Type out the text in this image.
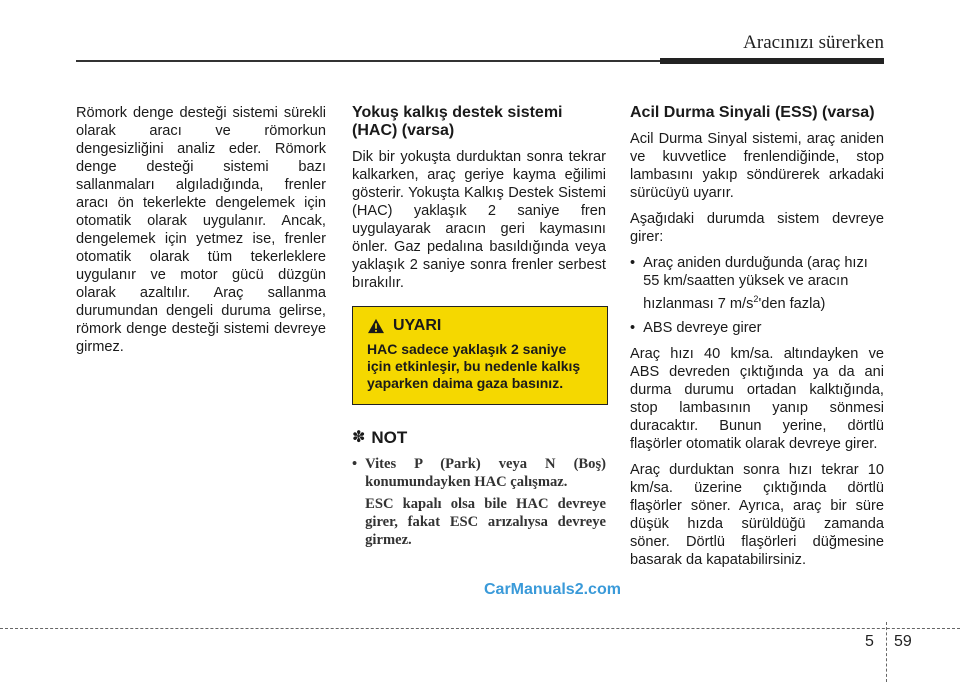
Aracınızı sürerken

Römork denge desteği sistemi sürekli olarak aracı ve römorkun dengesizliğini analiz eder. Römork denge desteği sistemi bazı sallanmaları algıladığında, frenler aracı ön tekerlekte dengelemek için otomatik olarak uygulanır. Ancak, dengelemek için yetmez ise, frenler otomatik olarak tüm tekerleklere uygulanır ve motor gücü düzgün olarak azaltılır. Araç sallanma durumundan dengeli duruma gelirse, römork denge desteği sistemi devreye girmez.

Yokuş kalkış destek sistemi (HAC) (varsa)

Dik bir yokuşta durduktan sonra tekrar kalkarken, araç geriye kayma eğilimi gösterir. Yokuşta Kalkış Destek Sistemi (HAC) yaklaşık 2 saniye fren uygulayarak aracın geri kaymasını önler. Gaz pedalına basıldığında veya yaklaşık 2 saniye sonra frenler serbest bırakılır.

UYARI
HAC sadece yaklaşık 2 saniye için etkinleşir, bu nedenle kalkış yaparken daima gaza basınız.
✽ NOT
• Vites P (Park) veya N (Boş) konumundayken HAC çalışmaz.

ESC kapalı olsa bile HAC devreye girer, fakat ESC arızalıysa devreye girmez.

Acil Durma Sinyali (ESS) (varsa)

Acil Durma Sinyal sistemi, araç aniden ve kuvvetlice frenlendiğinde, stop lambasını yakıp söndürerek arkadaki sürücüyü uyarır.

Aşağıdaki durumda sistem devreye girer:

• Araç aniden durduğunda (araç hızı 55 km/saatten yüksek ve aracın hızlanması 7 $m/s^2'den$ fazla)
• ABS devreye girer

Araç hızı 40 km/sa. altındayken ve ABS devreden çıktığında ya da ani durma durumu ortadan kalktığında, stop lambasının yanıp sönmesi duracaktır. Bunun yerine, dörtlü flaşörler otomatik olarak devreye girer.

Araç durduktan sonra hızı tekrar 10 km/sa. üzerine çıktığında dörtlü flaşörler söner. Ayrıca, araç bir süre düşük hızda sürüldüğü zamanda söner. Dörtlü flaşörleri düğmesine basarak da kapatabilirsiniz.

CarManuals2.com
5 59
